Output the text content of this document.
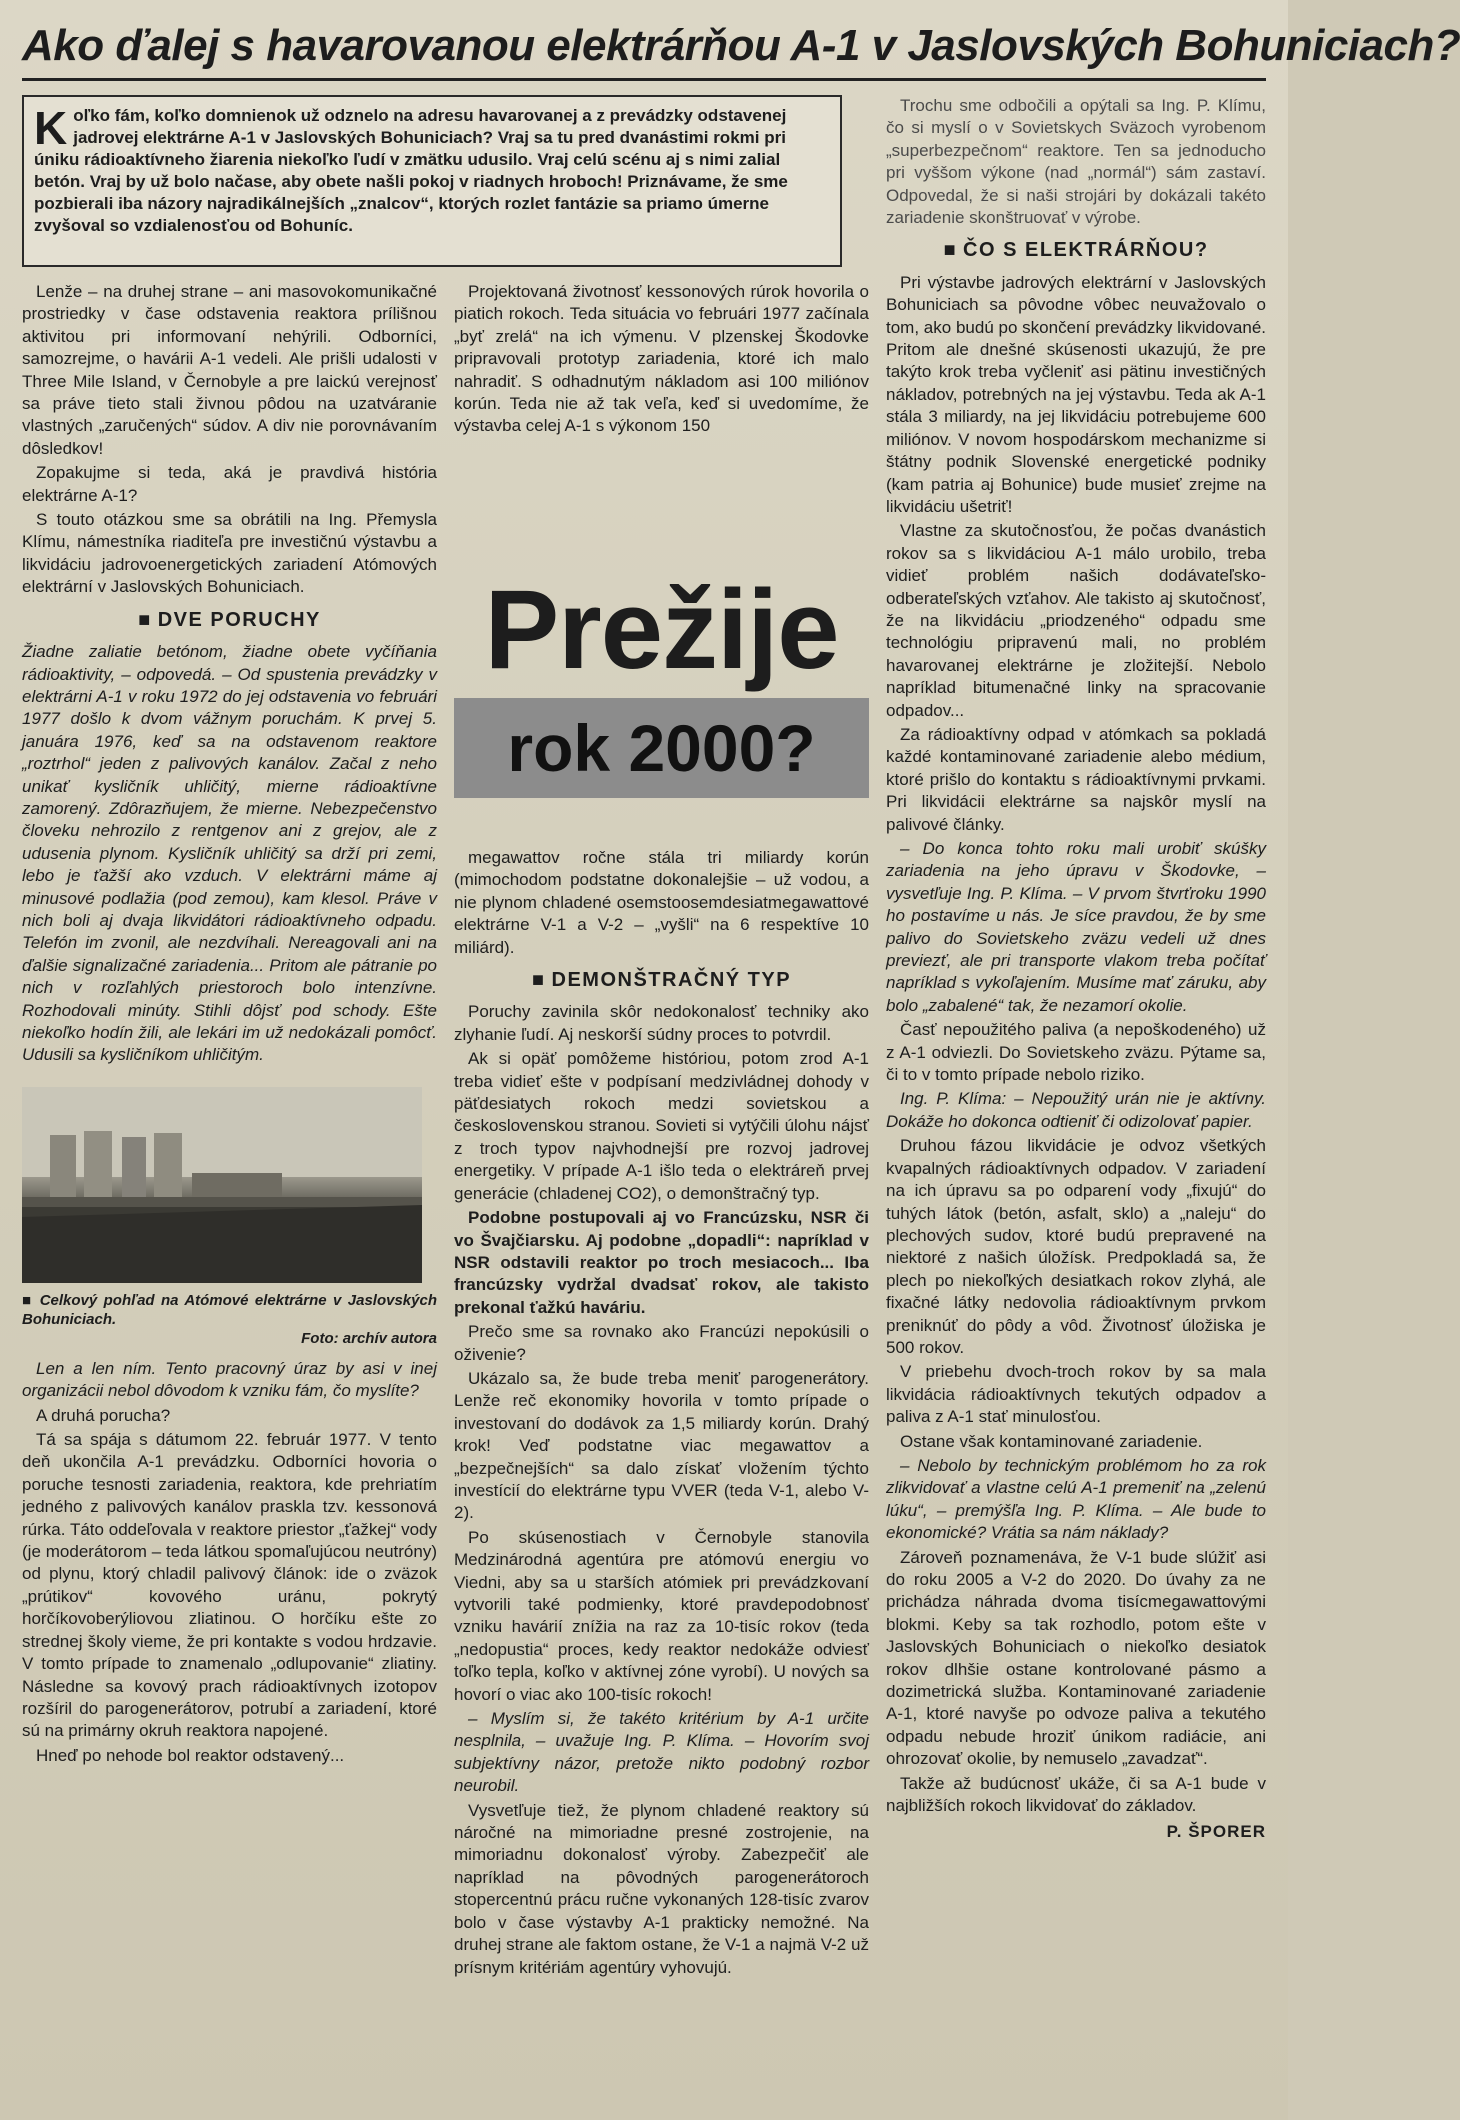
Ako ďalej s havarovanou elektrárňou A-1 v Jaslovských Bohuniciach?
K oľko fám, koľko domnienok už odznelo na adresu havarovanej a z prevádzky odstavenej jadrovej elektrárne A-1 v Jaslovských Bohuniciach? Vraj sa tu pred dvanástimi rokmi pri úniku rádioaktívneho žiarenia niekoľko ľudí v zmätku udusilo. Vraj celú scénu aj s nimi zalial betón. Vraj by už bolo načase, aby obete našli pokoj v riadnych hroboch! Priznávame, že sme pozbierali iba názory najradikálnejších „znalcov“, ktorých rozlet fantázie sa priamo úmerne zvyšoval so vzdialenosťou od Bohuníc.

Lenže – na druhej strane – ani masovokomunikačné prostriedky v čase odstavenia reaktora prílišnou aktivitou pri informovaní nehýrili. Odborníci, samozrejme, o havárii A-1 vedeli. Ale prišli udalosti v Three Mile Island, v Černobyle a pre laickú verejnosť sa práve tieto stali živnou pôdou na uzatváranie vlastných „zaručených“ súdov. A div nie porovnávaním dôsledkov!

Zopakujme si teda, aká je pravdivá história elektrárne A-1?

S touto otázkou sme sa obrátili na Ing. Přemysla Klímu, námestníka riaditeľa pre investičnú výstavbu a likvidáciu jadrovoenergetických zariadení Atómových elektrární v Jaslovských Bohuniciach.

■ DVE PORUCHY

Žiadne zaliatie betónom, žiadne obete vyčíňania rádioaktivity, – odpovedá. – Od spustenia prevádzky v elektrárni A-1 v roku 1972 do jej odstavenia vo februári 1977 došlo k dvom vážnym poruchám. K prvej 5. januára 1976, keď sa na odstavenom reaktore „roztrhol“ jeden z palivových kanálov. Začal z neho unikať kysličník uhličitý, mierne rádioaktívne zamorený. Zdôrazňujem, že mierne. Nebezpečenstvo človeku nehrozilo z rentgenov ani z grejov, ale z udusenia plynom. Kysličník uhličitý sa drží pri zemi, lebo je ťažší ako vzduch. V elektrárni máme aj minusové podlažia (pod zemou), kam klesol. Práve v nich boli aj dvaja likvidátori rádioaktívneho odpadu. Telefón im zvonil, ale nezdvíhali. Nereagovali ani na ďalšie signalizačné zariadenia... Pritom ale pátranie po nich v rozľahlých priestoroch bolo intenzívne. Rozhodovali minúty. Stihli dôjsť pod schody. Ešte niekoľko hodín žili, ale lekári im už nedokázali pomôcť. Udusili sa kysličníkom uhličitým.

■ Celkový pohľad na Atómové elektrárne v Jaslovských Bohuniciach.
Foto: archív autora

Len a len ním. Tento pracovný úraz by asi v inej organizácii nebol dôvodom k vzniku fám, čo myslíte?

A druhá porucha?

Tá sa spája s dátumom 22. február 1977. V tento deň ukončila A-1 prevádzku. Odborníci hovoria o poruche tesnosti zariadenia, reaktora, kde prehriatím jedného z palivových kanálov praskla tzv. kessonová rúrka. Táto oddeľovala v reaktore priestor „ťažkej“ vody (je moderátorom – teda látkou spomaľujúcou neutróny) od plynu, ktorý chladil palivový článok: ide o zväzok „prútikov“ kovového uránu, pokrytý horčíkovoberýliovou zliatinou. O horčíku ešte zo strednej školy vieme, že pri kontakte s vodou hrdzavie. V tomto prípade to znamenalo „odlupovanie“ zliatiny. Následne sa kovový prach rádioaktívnych izotopov rozšíril do parogenerátorov, potrubí a zariadení, ktoré sú na primárny okruh reaktora napojené.

Hneď po nehode bol reaktor odstavený...

Projektovaná životnosť kessonových rúrok hovorila o piatich rokoch. Teda situácia vo februári 1977 začínala „byť zrelá“ na ich výmenu. V plzenskej Škodovke pripravovali prototyp zariadenia, ktoré ich malo nahradiť. S odhadnutým nákladom asi 100 miliónov korún. Teda nie až tak veľa, keď si uvedomíme, že výstavba celej A-1 s výkonom 150

Prežije
rok 2000?

megawattov ročne stála tri miliardy korún (mimochodom podstatne dokonalejšie – už vodou, a nie plynom chladené osemstoosemdesiatmegawattové elektrárne V-1 a V-2 – „vyšli“ na 6 respektíve 10 miliárd).

■ DEMONŠTRAČNÝ TYP

Poruchy zavinila skôr nedokonalosť techniky ako zlyhanie ľudí. Aj neskorší súdny proces to potvrdil.

Ak si opäť pomôžeme históriou, potom zrod A-1 treba vidieť ešte v podpísaní medzivládnej dohody v päťdesiatych rokoch medzi sovietskou a československou stranou. Sovieti si vytýčili úlohu nájsť z troch typov najvhodnejší pre rozvoj jadrovej energetiky. V prípade A-1 išlo teda o elektráreň prvej generácie (chladenej CO2), o demonštračný typ.

Podobne postupovali aj vo Francúzsku, NSR či vo Švajčiarsku. Aj podobne „dopadli“: napríklad v NSR odstavili reaktor po troch mesiacoch... Iba francúzsky vydržal dvadsať rokov, ale takisto prekonal ťažkú haváriu.

Prečo sme sa rovnako ako Francúzi nepokúsili o oživenie?

Ukázalo sa, že bude treba meniť parogenerátory. Lenže reč ekonomiky hovorila v tomto prípade o investovaní do dodávok za 1,5 miliardy korún. Drahý krok! Veď podstatne viac megawattov a „bezpečnejších“ sa dalo získať vložením týchto investícií do elektrárne typu VVER (teda V-1, alebo V-2).

Po skúsenostiach v Černobyle stanovila Medzinárodná agentúra pre atómovú energiu vo Viedni, aby sa u starších atómiek pri prevádzkovaní vytvorili také podmienky, ktoré pravdepodobnosť vzniku havárií znížia na raz za 10-tisíc rokov (teda „nedopustia“ proces, kedy reaktor nedokáže odviesť toľko tepla, koľko v aktívnej zóne vyrobí). U nových sa hovorí o viac ako 100-tisíc rokoch!

– Myslím si, že takéto kritérium by A-1 určite nesplnila, – uvažuje Ing. P. Klíma. – Hovorím svoj subjektívny názor, pretože nikto podobný rozbor neurobil.

Vysvetľuje tiež, že plynom chladené reaktory sú náročné na mimoriadne presné zostrojenie, na mimoriadnu dokonalosť výroby. Zabezpečiť ale napríklad na pôvodných parogenerátoroch stopercentnú prácu ručne vykonaných 128-tisíc zvarov bolo v čase výstavby A-1 prakticky nemožné. Na druhej strane ale faktom ostane, že V-1 a najmä V-2 už prísnym kritériám agentúry vyhovujú.

Trochu sme odbočili a opýtali sa Ing. P. Klímu, čo si myslí o v Sovietskych Sväzoch vyrobenom „superbezpečnom“ reaktore. Ten sa jednoducho pri vyššom výkone (nad „normál“) sám zastaví. Odpovedal, že si naši strojári by dokázali takéto zariadenie skonštruovať v výrobe.

■ ČO S ELEKTRÁRŇOU?

Pri výstavbe jadrových elektrární v Jaslovských Bohuniciach sa pôvodne vôbec neuvažovalo o tom, ako budú po skončení prevádzky likvidované. Pritom ale dnešné skúsenosti ukazujú, že pre takýto krok treba vyčleniť asi pätinu investičných nákladov, potrebných na jej výstavbu. Teda ak A-1 stála 3 miliardy, na jej likvidáciu potrebujeme 600 miliónov. V novom hospodárskom mechanizme si štátny podnik Slovenské energetické podniky (kam patria aj Bohunice) bude musieť zrejme na likvidáciu ušetriť!

Vlastne za skutočnosťou, že počas dvanástich rokov sa s likvidáciou A-1 málo urobilo, treba vidieť problém našich dodávateľsko-odberateľských vzťahov. Ale takisto aj skutočnosť, že na likvidáciu „priodzeného“ odpadu sme technológiu pripravenú mali, no problém havarovanej elektrárne je zložitejší. Nebolo napríklad bitumenačné linky na spracovanie odpadov...

Za rádioaktívny odpad v atómkach sa pokladá každé kontaminované zariadenie alebo médium, ktoré prišlo do kontaktu s rádioaktívnymi prvkami. Pri likvidácii elektrárne sa najskôr myslí na palivové články.

– Do konca tohto roku mali urobiť skúšky zariadenia na jeho úpravu v Škodovke, – vysvetľuje Ing. P. Klíma. – V prvom štvrťroku 1990 ho postavíme u nás. Je síce pravdou, že by sme palivo do Sovietskeho zväzu vedeli už dnes previezť, ale pri transporte vlakom treba počítať napríklad s vykoľajením. Musíme mať záruku, aby bolo „zabalené“ tak, že nezamorí okolie.

Časť nepoužitého paliva (a nepoškodeného) už z A-1 odviezli. Do Sovietskeho zväzu. Pýtame sa, či to v tomto prípade nebolo riziko.

Ing. P. Klíma: – Nepoužitý urán nie je aktívny. Dokáže ho dokonca odtieniť či odizolovať papier.

Druhou fázou likvidácie je odvoz všetkých kvapalných rádioaktívnych odpadov. V zariadení na ich úpravu sa po odparení vody „fixujú“ do tuhých látok (betón, asfalt, sklo) a „naleju“ do plechových sudov, ktoré budú prepravené na niektoré z našich úložísk. Predpokladá sa, že plech po niekoľkých desiatkach rokov zlyhá, ale fixačné látky nedovolia rádioaktívnym prvkom preniknúť do pôdy a vôd. Životnosť úložiska je 500 rokov.

V priebehu dvoch-troch rokov by sa mala likvidácia rádioaktívnych tekutých odpadov a paliva z A-1 stať minulosťou.

Ostane však kontaminované zariadenie.

– Nebolo by technickým problémom ho za rok zlikvidovať a vlastne celú A-1 premeniť na „zelenú lúku“, – premýšľa Ing. P. Klíma. – Ale bude to ekonomické? Vrátia sa nám náklady?

Zároveň poznamenáva, že V-1 bude slúžiť asi do roku 2005 a V-2 do 2020. Do úvahy za ne prichádza náhrada dvoma tisícmegawattovými blokmi. Keby sa tak rozhodlo, potom ešte v Jaslovských Bohuniciach o niekoľko desiatok rokov dlhšie ostane kontrolované pásmo a dozimetrická služba. Kontaminované zariadenie A-1, ktoré navyše po odvoze paliva a tekutého odpadu nebude hroziť únikom radiácie, ani ohrozovať okolie, by nemuselo „zavadzať“.

Takže až budúcnosť ukáže, či sa A-1 bude v najbližších rokoch likvidovať do základov.

P. ŠPORER
